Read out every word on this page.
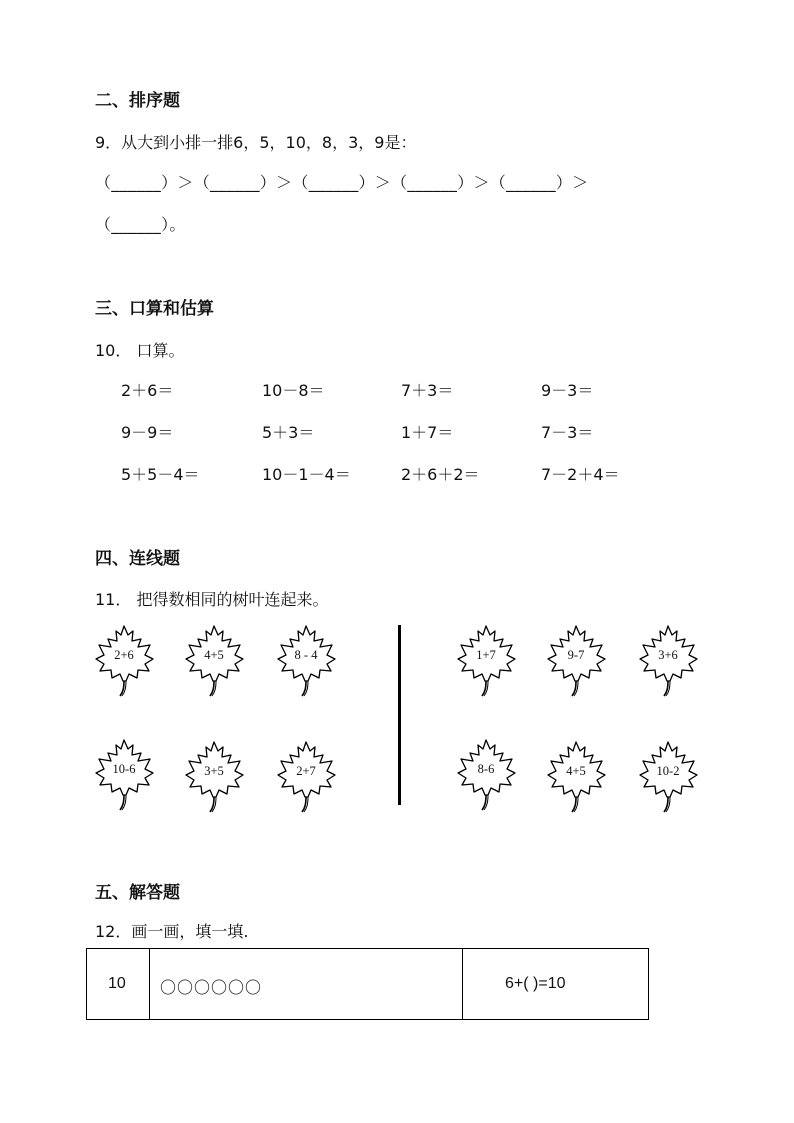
二、排序题
9．从大到小排一排6，5，10，8，3，9是：
（______）＞（______）＞（______）＞（______）＞（______）＞
（______）。
三、口算和估算
10． 口算。
2＋6＝	10－8＝	7＋3＝	9－3＝
9－9＝	5＋3＝	1＋7＝	7－3＝
5＋5－4＝	10－1－4＝	2＋6＋2＝	7－2＋4＝
四、连线题
11． 把得数相同的树叶连起来。
2+6	4+5	8 - 4
10-6	3+5	2+7
1+7	9-7	3+6
8-6	4+5	10-2
五、解答题
12．画一画，填一填.
10 〇〇〇〇〇〇	6+( )=10
